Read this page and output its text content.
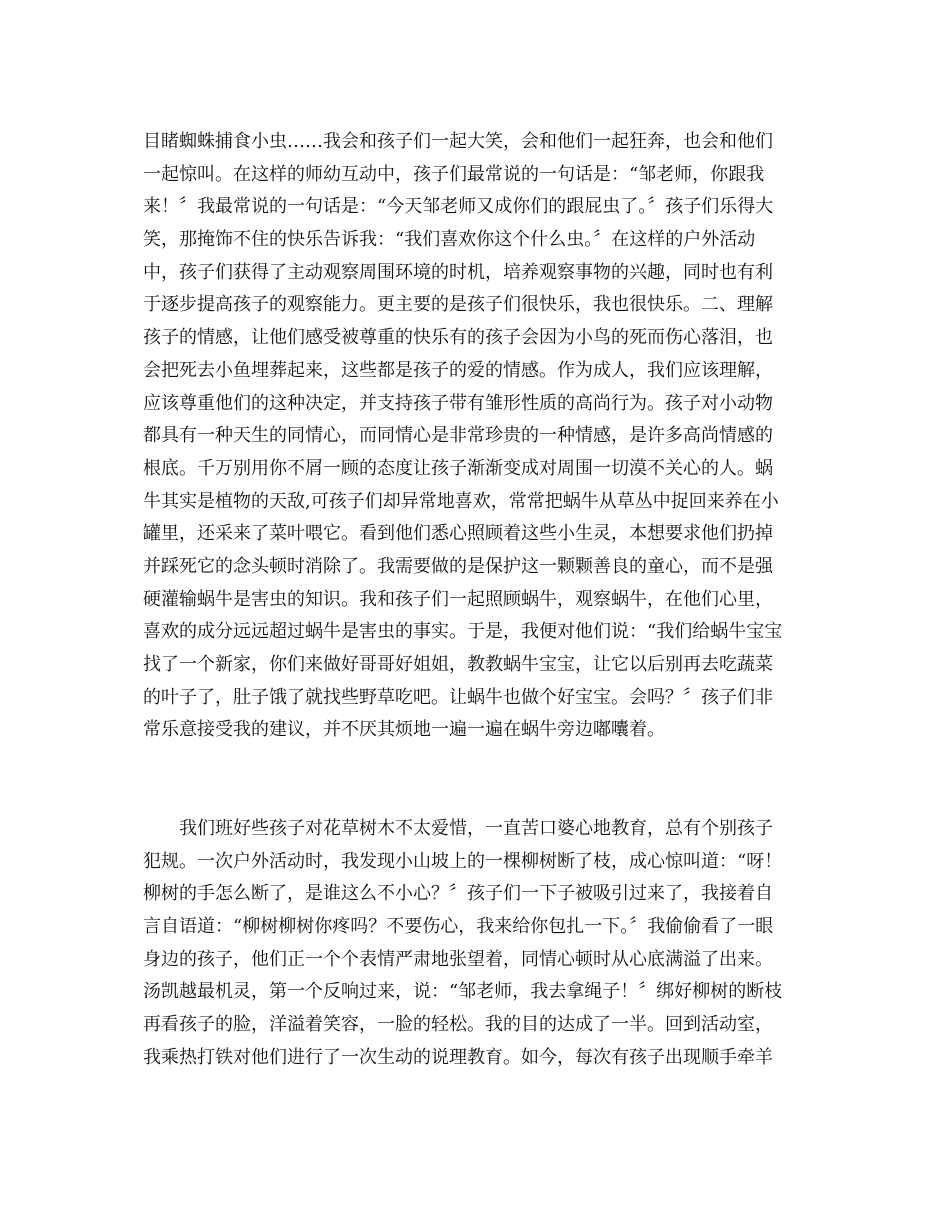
目睹蜘蛛捕食小虫……我会和孩子们一起大笑，会和他们一起狂奔，也会和他们
一起惊叫。在这样的师幼互动中，孩子们最常说的一句话是：“邹老师，你跟我
来！〞我最常说的一句话是：“今天邹老师又成你们的跟屁虫了。〞孩子们乐得大
笑，那掩饰不住的快乐告诉我：“我们喜欢你这个什么虫。〞在这样的户外活动
中，孩子们获得了主动观察周围环境的时机，培养观察事物的兴趣，同时也有利
于逐步提高孩子的观察能力。更主要的是孩子们很快乐，我也很快乐。二、理解
孩子的情感，让他们感受被尊重的快乐有的孩子会因为小鸟的死而伤心落泪，也
会把死去小鱼埋葬起来，这些都是孩子的爱的情感。作为成人，我们应该理解，
应该尊重他们的这种决定，并支持孩子带有雏形性质的高尚行为。孩子对小动物
都具有一种天生的同情心，而同情心是非常珍贵的一种情感，是许多高尚情感的
根底。千万别用你不屑一顾的态度让孩子渐渐变成对周围一切漠不关心的人。蜗
牛其实是植物的天敌,可孩子们却异常地喜欢，常常把蜗牛从草丛中捉回来养在小
罐里，还采来了菜叶喂它。看到他们悉心照顾着这些小生灵，本想要求他们扔掉
并踩死它的念头顿时消除了。我需要做的是保护这一颗颗善良的童心，而不是强
硬灌输蜗牛是害虫的知识。我和孩子们一起照顾蜗牛，观察蜗牛，在他们心里，
喜欢的成分远远超过蜗牛是害虫的事实。于是，我便对他们说：“我们给蜗牛宝宝
找了一个新家，你们来做好哥哥好姐姐，教教蜗牛宝宝，让它以后别再去吃蔬菜
的叶子了，肚子饿了就找些野草吃吧。让蜗牛也做个好宝宝。会吗？〞孩子们非
常乐意接受我的建议，并不厌其烦地一遍一遍在蜗牛旁边嘟囔着。
　　我们班好些孩子对花草树木不太爱惜，一直苦口婆心地教育，总有个别孩子
犯规。一次户外活动时，我发现小山坡上的一棵柳树断了枝，成心惊叫道：“呀！
柳树的手怎么断了，是谁这么不小心？〞孩子们一下子被吸引过来了，我接着自
言自语道：“柳树柳树你疼吗？不要伤心，我来给你包扎一下。〞我偷偷看了一眼
身边的孩子，他们正一个个表情严肃地张望着，同情心顿时从心底满溢了出来。
汤凯越最机灵，第一个反响过来，说：“邹老师，我去拿绳子！〞绑好柳树的断枝
再看孩子的脸，洋溢着笑容，一脸的轻松。我的目的达成了一半。回到活动室，
我乘热打铁对他们进行了一次生动的说理教育。如今，每次有孩子出现顺手牵羊
